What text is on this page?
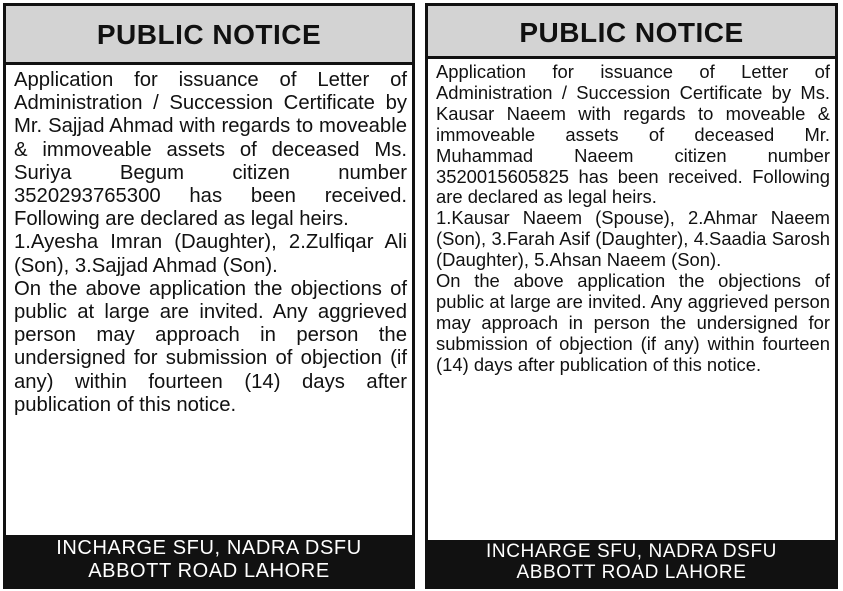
PUBLIC NOTICE
Application for issuance of Letter of Administration / Succession Certificate by Mr. Sajjad Ahmad with regards to moveable & immoveable assets of deceased Ms. Suriya Begum citizen number 3520293765300 has been received. Following are declared as legal heirs.
1.Ayesha Imran (Daughter), 2.Zulfiqar Ali (Son), 3.Sajjad Ahmad (Son).
On the above application the objections of public at large are invited. Any aggrieved person may approach in person the undersigned for submission of objection (if any) within fourteen (14) days after publication of this notice.
INCHARGE SFU, NADRA DSFU
ABBOTT ROAD LAHORE
PUBLIC NOTICE
Application for issuance of Letter of Administration / Succession Certificate by Ms. Kausar Naeem with regards to moveable & immoveable assets of deceased Mr. Muhammad Naeem citizen number 3520015605825 has been received. Following are declared as legal heirs.
1.Kausar Naeem (Spouse), 2.Ahmar Naeem (Son), 3.Farah Asif (Daughter), 4.Saadia Sarosh (Daughter), 5.Ahsan Naeem (Son).
On the above application the objections of public at large are invited. Any aggrieved person may approach in person the undersigned for submission of objection (if any) within fourteen (14) days after publication of this notice.
INCHARGE SFU, NADRA DSFU
ABBOTT ROAD LAHORE
